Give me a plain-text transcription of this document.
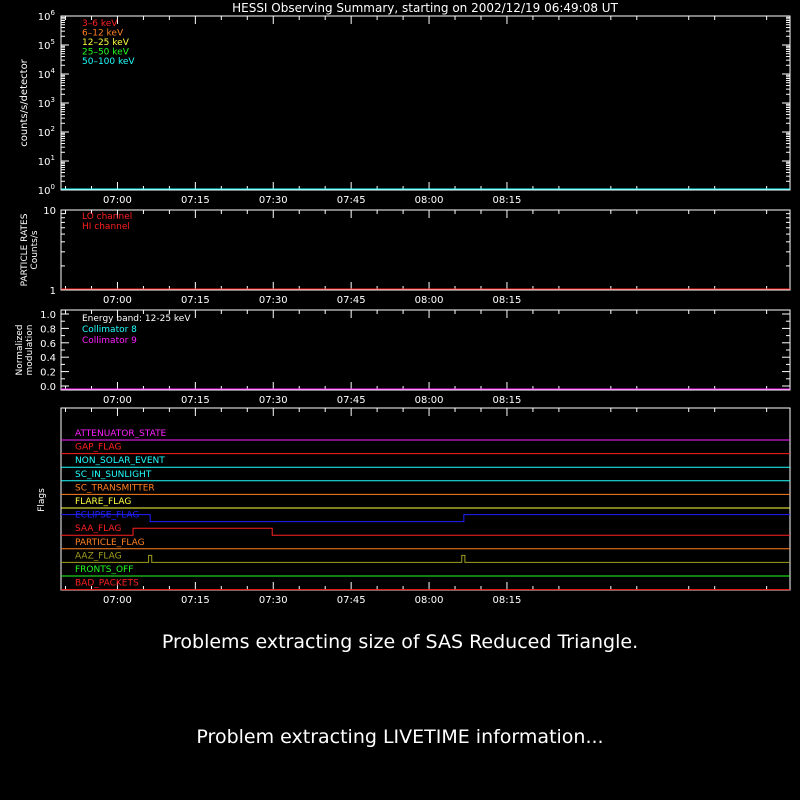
HESSI Observing Summary, starting on 2002/12/19 06:49:08 UT
$10^0$
$10^1$
$10^2$
$10^3$
$10^4$
$10^5$
$10^6$
07:00	07:15	07:30	07:45	08:00	08:15
counts/s/detector
3–6 keV
6–12 keV
12–25 keV
25–50 keV
50–100 keV
1
10
07:00	07:15	07:30	07:45	08:00	08:15
PARTICLE RATES Counts/s
LO channel
HI channel
0.0
0.2
0.4
0.6
0.8
1.0
07:00	07:15	07:30	07:45	08:00	08:15
Normalized modulation
Energy band: 12-25 keV
Collimator 8
Collimator 9
07:00	07:15	07:30	07:45	08:00	08:15
Flags
ATTENUATOR_STATE
GAP_FLAG
NON_SOLAR_EVENT
SC_IN_SUNLIGHT
SC_TRANSMITTER
FLARE_FLAG
ECLIPSE_FLAG
SAA_FLAG
PARTICLE_FLAG
AAZ_FLAG
FRONTS_OFF
BAD_PACKETS
Problems extracting size of SAS Reduced Triangle.
Problem extracting LIVETIME information...
